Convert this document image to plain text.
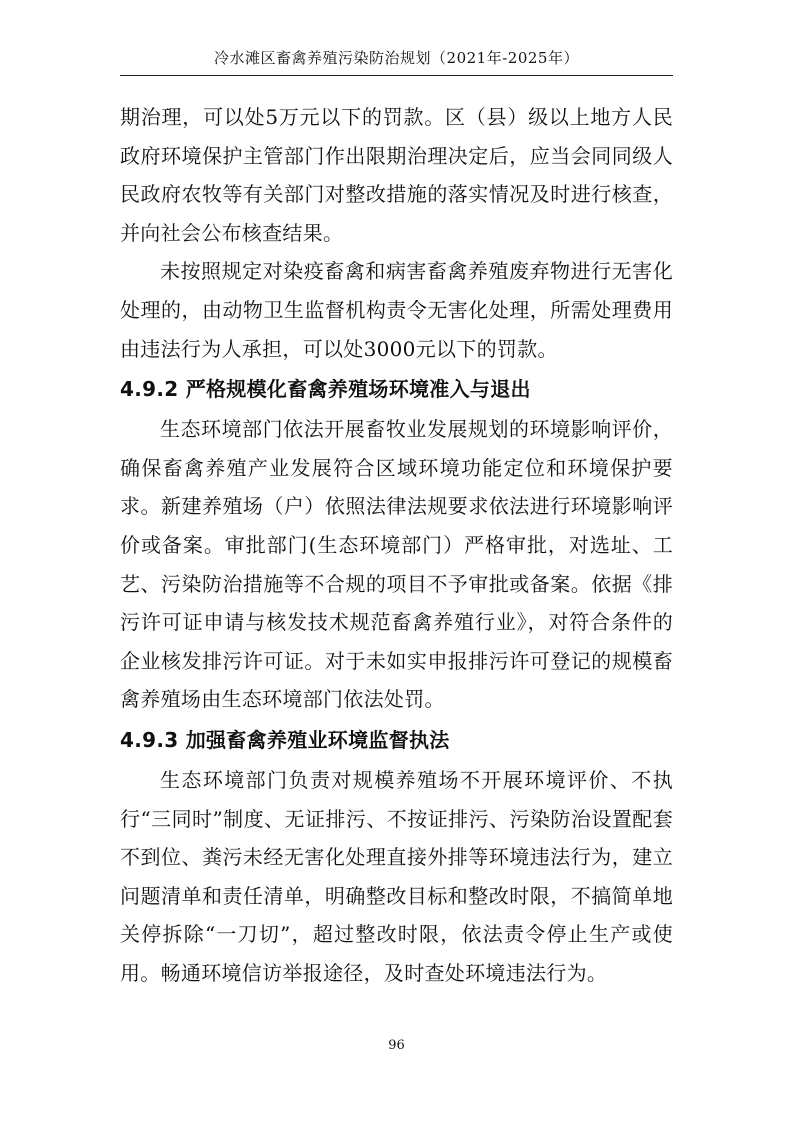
冷水滩区畜禽养殖污染防治规划（2021年-2025年）

期治理，可以处5万元以下的罚款。区（县）级以上地方人民政府环境保护主管部门作出限期治理决定后，应当会同同级人民政府农牧等有关部门对整改措施的落实情况及时进行核查，并向社会公布核查结果。

未按照规定对染疫畜禽和病害畜禽养殖废弃物进行无害化处理的，由动物卫生监督机构责令无害化处理，所需处理费用由违法行为人承担，可以处3000元以下的罚款。

4.9.2 严格规模化畜禽养殖场环境准入与退出

生态环境部门依法开展畜牧业发展规划的环境影响评价，确保畜禽养殖产业发展符合区域环境功能定位和环境保护要求。新建养殖场（户）依照法律法规要求依法进行环境影响评价或备案。审批部门(生态环境部门）严格审批，对选址、工艺、污染防治措施等不合规的项目不予审批或备案。依据《排污许可证申请与核发技术规范畜禽养殖行业》，对符合条件的企业核发排污许可证。对于未如实申报排污许可登记的规模畜禽养殖场由生态环境部门依法处罚。

4.9.3 加强畜禽养殖业环境监督执法

生态环境部门负责对规模养殖场不开展环境评价、不执行“三同时”制度、无证排污、不按证排污、污染防治设置配套不到位、粪污未经无害化处理直接外排等环境违法行为，建立问题清单和责任清单，明确整改目标和整改时限，不搞简单地关停拆除“一刀切”，超过整改时限，依法责令停止生产或使用。畅通环境信访举报途径，及时查处环境违法行为。

96
